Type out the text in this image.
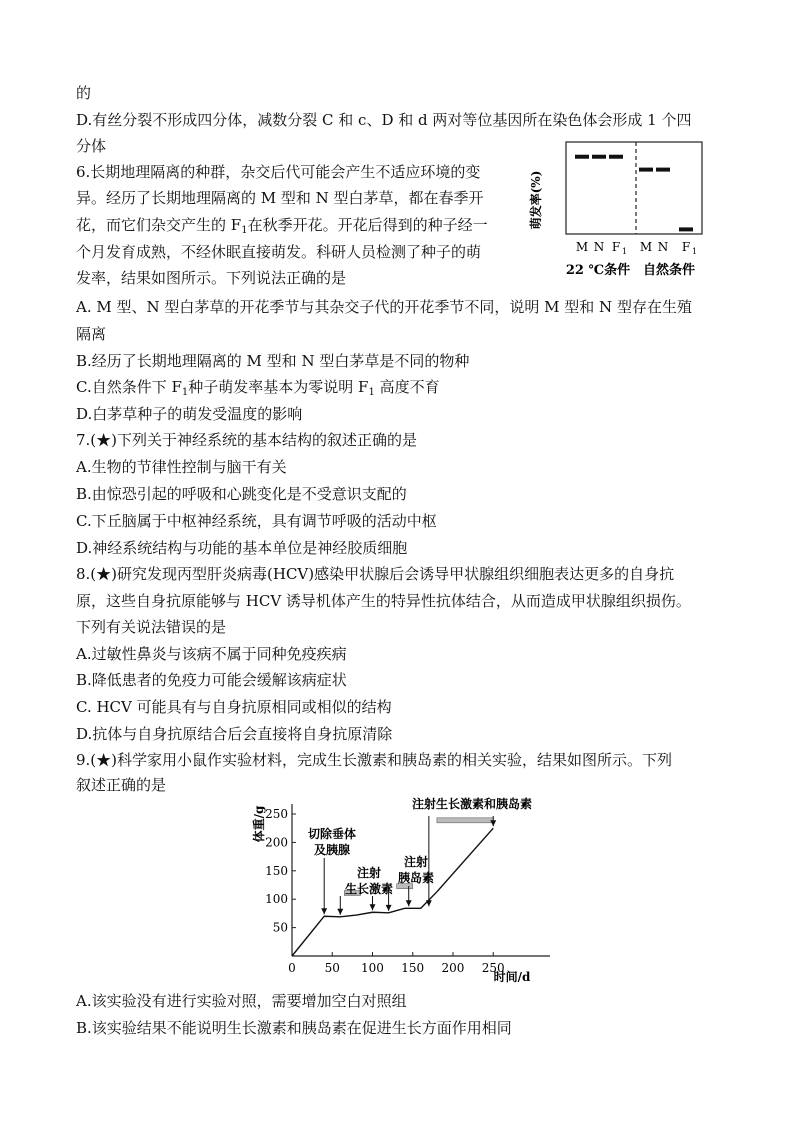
的
D.有丝分裂不形成四分体，减数分裂 C 和 c、D 和 d 两对等位基因所在染色体会形成 1 个四
分体
6.长期地理隔离的种群，杂交后代可能会产生不适应环境的变
异。经历了长期地理隔离的 M 型和 N 型白茅草，都在春季开
花，而它们杂交产生的 $F_1$在秋季开花。开花后得到的种子经一
个月发育成熟，不经休眠直接萌发。科研人员检测了种子的萌
发率，结果如图所示。下列说法正确的是
A. M 型、N 型白茅草的开花季节与其杂交子代的开花季节不同，说明 M 型和 N 型存在生殖
隔离
B.经历了长期地理隔离的 M 型和 N 型白茅草是不同的物种
C.自然条件下 $F_1$种子萌发率基本为零说明 $F_1$ 高度不育
D.白茅草种子的萌发受温度的影响
7.(★)下列关于神经系统的基本结构的叙述正确的是
A.生物的节律性控制与脑干有关
B.由惊恐引起的呼吸和心跳变化是不受意识支配的
C.下丘脑属于中枢神经系统，具有调节呼吸的活动中枢
D.神经系统结构与功能的基本单位是神经胶质细胞
8.(★)研究发现丙型肝炎病毒(HCV)感染甲状腺后会诱导甲状腺组织细胞表达更多的自身抗
原，这些自身抗原能够与 HCV 诱导机体产生的特异性抗体结合，从而造成甲状腺组织损伤。
下列有关说法错误的是
A.过敏性鼻炎与该病不属于同种免疫疾病
B.降低患者的免疫力可能会缓解该病症状
C. HCV 可能具有与自身抗原相同或相似的结构
D.抗体与自身抗原结合后会直接将自身抗原清除
9.(★)科学家用小鼠作实验材料，完成生长激素和胰岛素的相关实验，结果如图所示。下列
叙述正确的是
A.该实验没有进行实验对照，需要增加空白对照组
B.该实验结果不能说明生长激素和胰岛素在促进生长方面作用相同
M N F 1 M N F 1
萌发率(%)
22 ℃条件 自然条件
50
100
150
200
250
0 50 100 150 200 250
体重/g
时间/d
切除垂体
及胰腺
注射
生长激素
注射
胰岛素
注射生长激素和胰岛素
